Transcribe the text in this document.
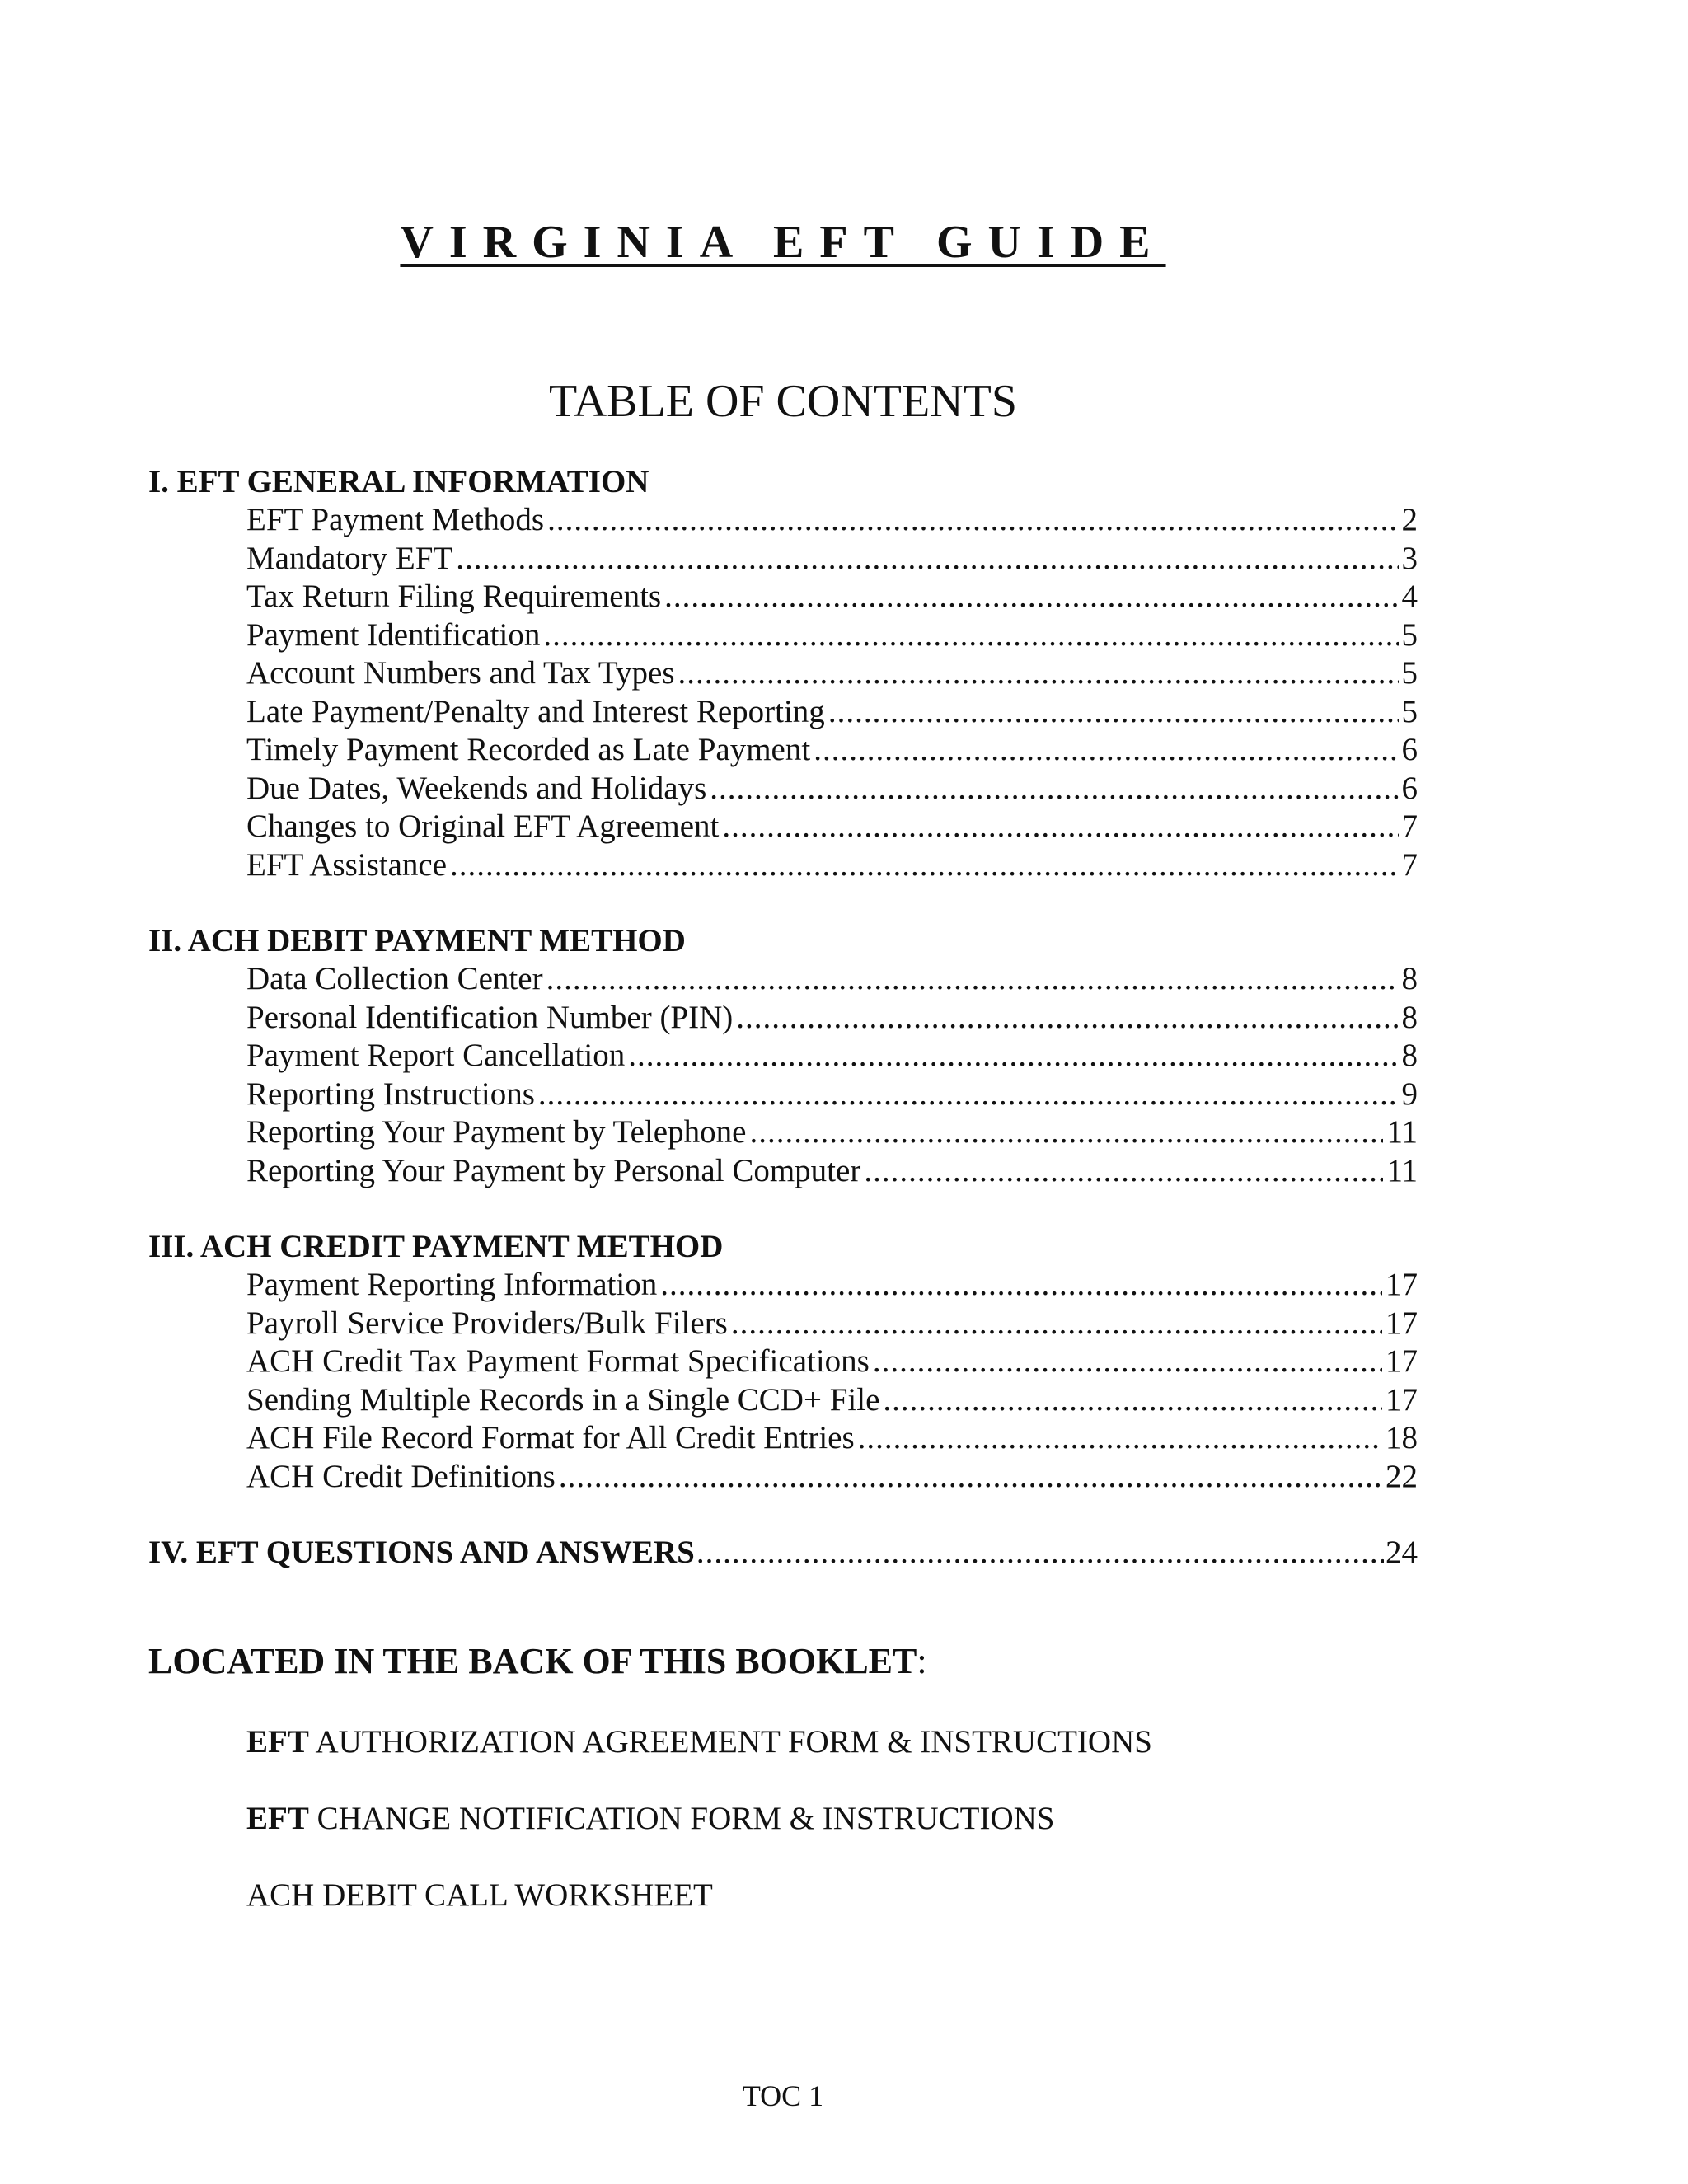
VIRGINIA EFT GUIDE
TABLE OF CONTENTS
I. EFT GENERAL INFORMATION
EFT Payment Methods .....	2
Mandatory EFT .....	3
Tax Return Filing Requirements .....	4
Payment Identification .....	5
Account Numbers and Tax Types .....	5
Late Payment/Penalty and Interest Reporting .....	5
Timely Payment Recorded as Late Payment .....	6
Due Dates, Weekends and Holidays .....	6
Changes to Original EFT Agreement .....	7
EFT Assistance .....	7
II. ACH DEBIT PAYMENT METHOD
Data Collection Center .....	8
Personal Identification Number (PIN) .....	8
Payment Report Cancellation .....	8
Reporting Instructions .....	9
Reporting Your Payment by Telephone .....	11
Reporting Your Payment by Personal Computer .....	11
III. ACH CREDIT PAYMENT METHOD
Payment Reporting Information .....	17
Payroll Service Providers/Bulk Filers .....	17
ACH Credit Tax Payment Format Specifications .....	17
Sending Multiple Records in a Single CCD+ File .....	17
ACH File Record Format for All Credit Entries .....	18
ACH Credit Definitions .....	22
IV. EFT QUESTIONS AND ANSWERS .....	24
LOCATED IN THE BACK OF THIS BOOKLET:
EFT AUTHORIZATION AGREEMENT FORM & INSTRUCTIONS
EFT CHANGE NOTIFICATION FORM & INSTRUCTIONS
ACH DEBIT CALL WORKSHEET
TOC 1
